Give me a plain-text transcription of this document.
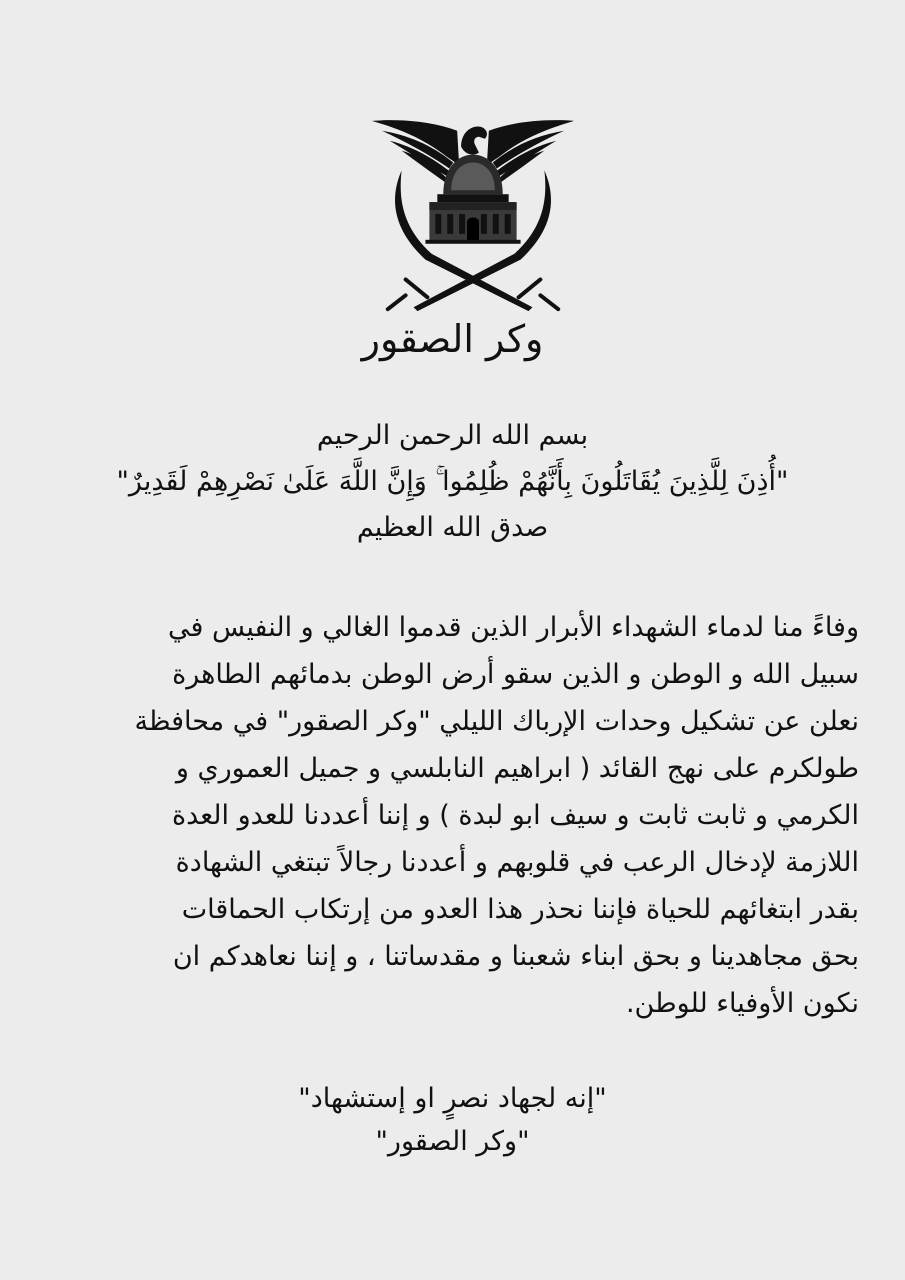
وكر الصقور
بسم الله الرحمن الرحيم
"أُذِنَ لِلَّذِينَ يُقَاتَلُونَ بِأَنَّهُمْ ظُلِمُوا ۚ وَإِنَّ اللَّهَ عَلَىٰ نَصْرِهِمْ لَقَدِيرٌ"
صدق الله العظيم
وفاءً منا لدماء الشهداء الأبرار الذين قدموا الغالي و النفيس في
سبيل الله و الوطن و الذين سقو أرض الوطن بدمائهم الطاهرة
نعلن عن تشكيل وحدات الإرباك الليلي "وكر الصقور" في محافظة
طولكرم على نهج القائد ( ابراهيم النابلسي و جميل العموري و
الكرمي و ثابت ثابت و سيف ابو لبدة ) و إننا أعددنا للعدو العدة
اللازمة لإدخال الرعب في قلوبهم و أعددنا رجالاً تبتغي الشهادة
بقدر ابتغائهم للحياة فإننا نحذر هذا العدو من إرتكاب الحماقات
بحق مجاهدينا و بحق ابناء شعبنا و مقدساتنا ، و إننا نعاهدكم ان
نكون الأوفياء للوطن.
"إنه لجهاد نصرٍ او إستشهاد"
"وكر الصقور"
